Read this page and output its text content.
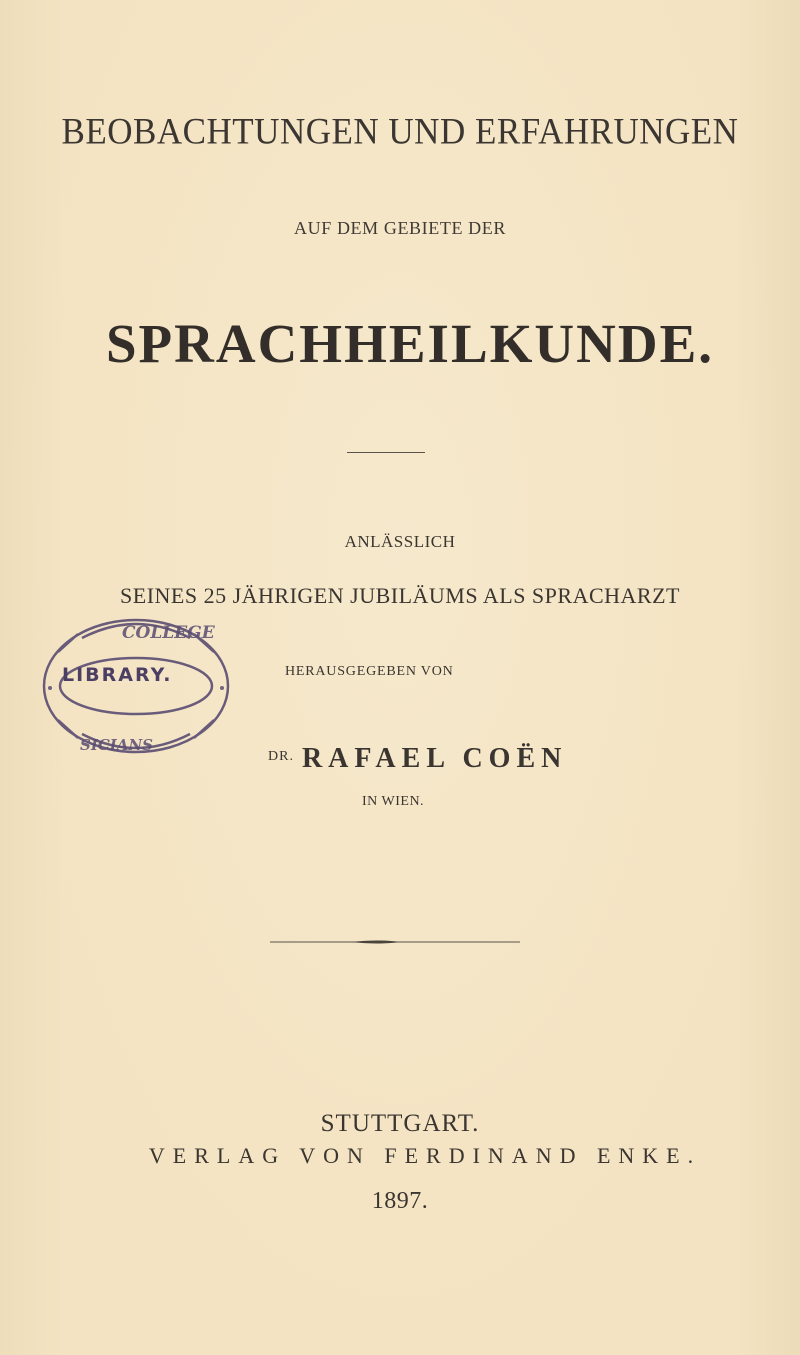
BEOBACHTUNGEN UND ERFAHRUNGEN
AUF DEM GEBIETE DER
SPRACHHEILKUNDE.
ANLÄSSLICH
SEINES 25 JÄHRIGEN JUBILÄUMS ALS SPRACHARZT
COLLEGE
SICIANS
LIBRARY.	HERAUSGEGEBEN VON
$^{DR.}$ RAFAEL COËN
IN WIEN.
STUTTGART.
VERLAG VON FERDINAND ENKE.
1897.
